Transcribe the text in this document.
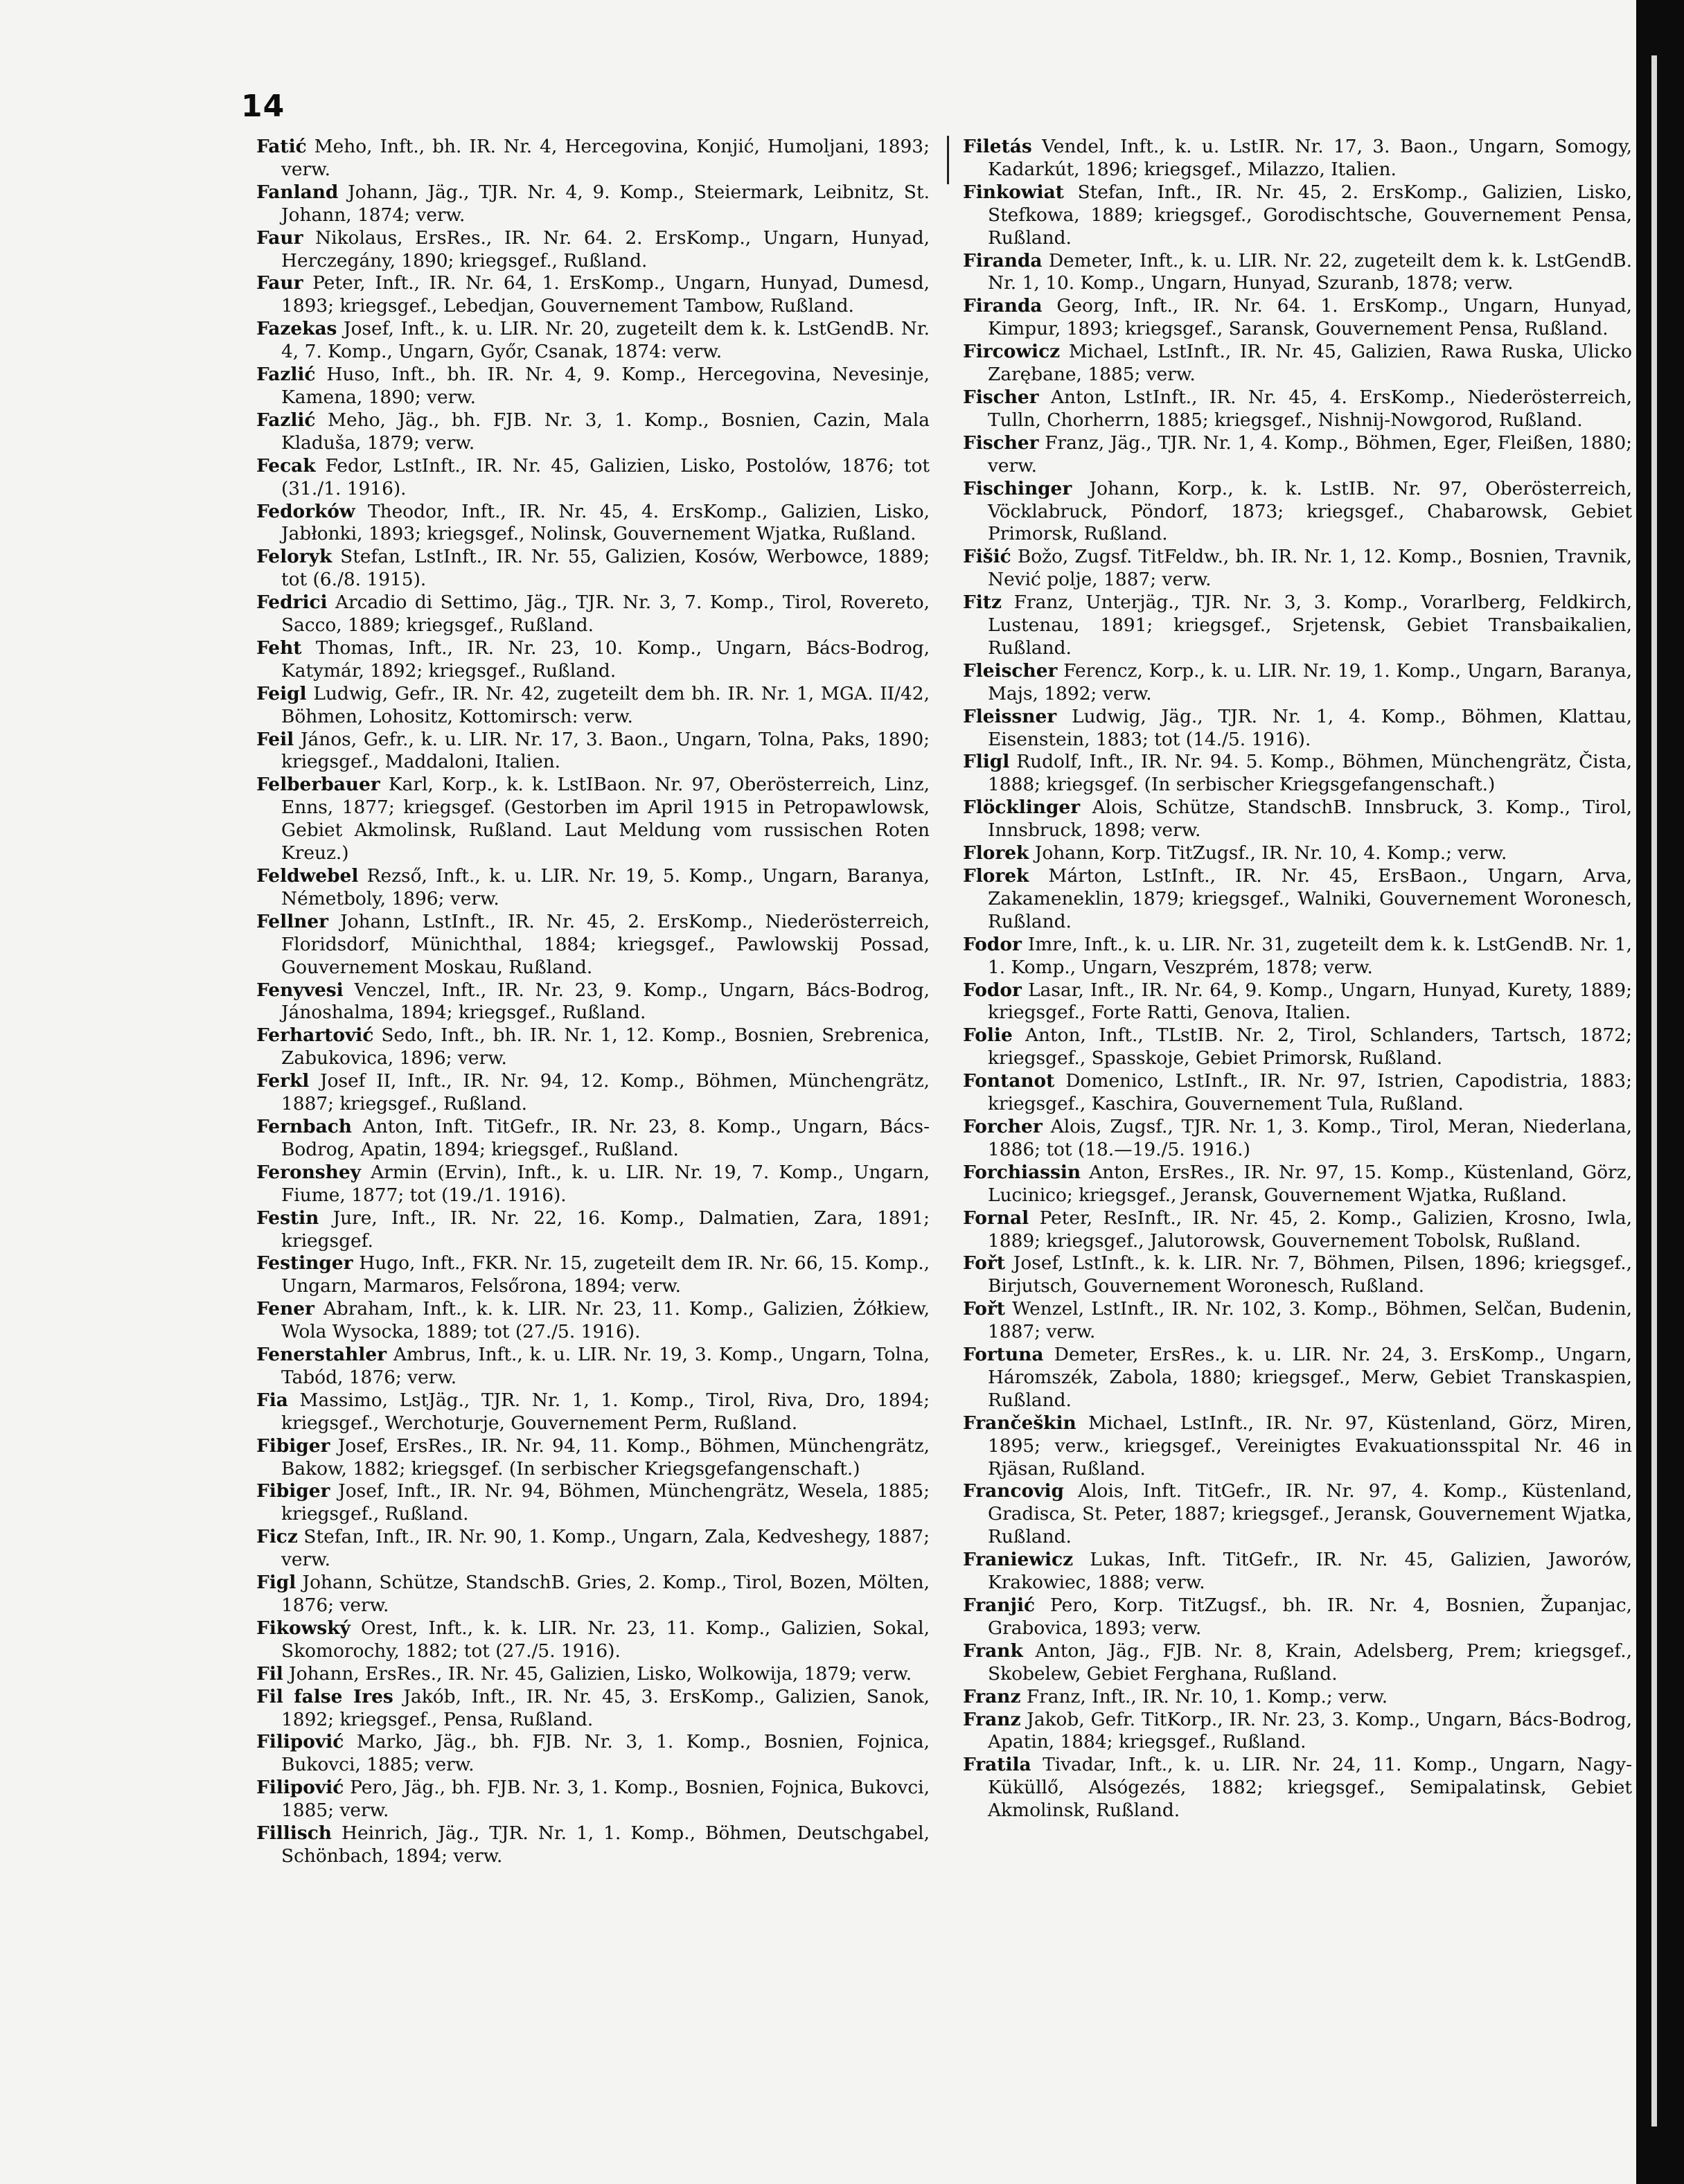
14

Fatić Meho, Inft., bh. IR. Nr. 4, Hercegovina, Konjić, Humoljani, 1893; verw.

Fanland Johann, Jäg., TJR. Nr. 4, 9. Komp., Steiermark, Leibnitz, St. Johann, 1874; verw.

Faur Nikolaus, ErsRes., IR. Nr. 64. 2. ErsKomp., Ungarn, Hunyad, Herczegány, 1890; kriegsgef., Rußland.

Faur Peter, Inft., IR. Nr. 64, 1. ErsKomp., Ungarn, Hunyad, Dumesd, 1893; kriegsgef., Lebedjan, Gouvernement Tambow, Rußland.

Fazekas Josef, Inft., k. u. LIR. Nr. 20, zugeteilt dem k. k. LstGendB. Nr. 4, 7. Komp., Ungarn, Győr, Csanak, 1874: verw.

Fazlić Huso, Inft., bh. IR. Nr. 4, 9. Komp., Hercegovina, Nevesinje, Kamena, 1890; verw.

Fazlić Meho, Jäg., bh. FJB. Nr. 3, 1. Komp., Bosnien, Cazin, Mala Kladuša, 1879; verw.

Fecak Fedor, LstInft., IR. Nr. 45, Galizien, Lisko, Postolów, 1876; tot (31./1. 1916).

Fedorków Theodor, Inft., IR. Nr. 45, 4. ErsKomp., Galizien, Lisko, Jabłonki, 1893; kriegsgef., Nolinsk, Gouvernement Wjatka, Rußland.

Feloryk Stefan, LstInft., IR. Nr. 55, Galizien, Kosów, Werbowce, 1889; tot (6./8. 1915).

Fedrici Arcadio di Settimo, Jäg., TJR. Nr. 3, 7. Komp., Tirol, Rovereto, Sacco, 1889; kriegsgef., Rußland.

Feht Thomas, Inft., IR. Nr. 23, 10. Komp., Ungarn, Bács-Bodrog, Katymár, 1892; kriegsgef., Rußland.

Feigl Ludwig, Gefr., IR. Nr. 42, zugeteilt dem bh. IR. Nr. 1, MGA. II/42, Böhmen, Lohositz, Kottomirsch: verw.

Feil János, Gefr., k. u. LIR. Nr. 17, 3. Baon., Ungarn, Tolna, Paks, 1890; kriegsgef., Maddaloni, Italien.

Felberbauer Karl, Korp., k. k. LstIBaon. Nr. 97, Oberösterreich, Linz, Enns, 1877; kriegsgef. (Gestorben im April 1915 in Petropawlowsk, Gebiet Akmolinsk, Rußland. Laut Meldung vom russischen Roten Kreuz.)

Feldwebel Rezső, Inft., k. u. LIR. Nr. 19, 5. Komp., Ungarn, Baranya, Németboly, 1896; verw.

Fellner Johann, LstInft., IR. Nr. 45, 2. ErsKomp., Niederösterreich, Floridsdorf, Münichthal, 1884; kriegsgef., Pawlowskij Possad, Gouvernement Moskau, Rußland.

Fenyvesi Venczel, Inft., IR. Nr. 23, 9. Komp., Ungarn, Bács-Bodrog, Jánoshalma, 1894; kriegsgef., Rußland.

Ferhartović Sedo, Inft., bh. IR. Nr. 1, 12. Komp., Bosnien, Srebrenica, Zabukovica, 1896; verw.

Ferkl Josef II, Inft., IR. Nr. 94, 12. Komp., Böhmen, Münchengrätz, 1887; kriegsgef., Rußland.

Fernbach Anton, Inft. TitGefr., IR. Nr. 23, 8. Komp., Ungarn, Bács-Bodrog, Apatin, 1894; kriegsgef., Rußland.

Feronshey Armin (Ervin), Inft., k. u. LIR. Nr. 19, 7. Komp., Ungarn, Fiume, 1877; tot (19./1. 1916).

Festin Jure, Inft., IR. Nr. 22, 16. Komp., Dalmatien, Zara, 1891; kriegsgef.

Festinger Hugo, Inft., FKR. Nr. 15, zugeteilt dem IR. Nr. 66, 15. Komp., Ungarn, Marmaros, Felsőrona, 1894; verw.

Fener Abraham, Inft., k. k. LIR. Nr. 23, 11. Komp., Galizien, Żółkiew, Wola Wysocka, 1889; tot (27./5. 1916).

Fenerstahler Ambrus, Inft., k. u. LIR. Nr. 19, 3. Komp., Ungarn, Tolna, Tabód, 1876; verw.

Fia Massimo, LstJäg., TJR. Nr. 1, 1. Komp., Tirol, Riva, Dro, 1894; kriegsgef., Werchoturje, Gouvernement Perm, Rußland.

Fibiger Josef, ErsRes., IR. Nr. 94, 11. Komp., Böhmen, Münchengrätz, Bakow, 1882; kriegsgef. (In serbischer Kriegsgefangenschaft.)

Fibiger Josef, Inft., IR. Nr. 94, Böhmen, Münchengrätz, Wesela, 1885; kriegsgef., Rußland.

Ficz Stefan, Inft., IR. Nr. 90, 1. Komp., Ungarn, Zala, Kedveshegy, 1887; verw.

Figl Johann, Schütze, StandschB. Gries, 2. Komp., Tirol, Bozen, Mölten, 1876; verw.

Fikowský Orest, Inft., k. k. LIR. Nr. 23, 11. Komp., Galizien, Sokal, Skomorochy, 1882; tot (27./5. 1916).

Fil Johann, ErsRes., IR. Nr. 45, Galizien, Lisko, Wolkowija, 1879; verw.

Fil false Ires Jakób, Inft., IR. Nr. 45, 3. ErsKomp., Galizien, Sanok, 1892; kriegsgef., Pensa, Rußland.

Filipović Marko, Jäg., bh. FJB. Nr. 3, 1. Komp., Bosnien, Fojnica, Bukovci, 1885; verw.

Filipović Pero, Jäg., bh. FJB. Nr. 3, 1. Komp., Bosnien, Fojnica, Bukovci, 1885; verw.

Fillisch Heinrich, Jäg., TJR. Nr. 1, 1. Komp., Böhmen, Deutschgabel, Schönbach, 1894; verw.

Filetás Vendel, Inft., k. u. LstIR. Nr. 17, 3. Baon., Ungarn, Somogy, Kadarkút, 1896; kriegsgef., Milazzo, Italien.

Finkowiat Stefan, Inft., IR. Nr. 45, 2. ErsKomp., Galizien, Lisko, Stefkowa, 1889; kriegsgef., Gorodischtsche, Gouvernement Pensa, Rußland.

Firanda Demeter, Inft., k. u. LIR. Nr. 22, zugeteilt dem k. k. LstGendB. Nr. 1, 10. Komp., Ungarn, Hunyad, Szuranb, 1878; verw.

Firanda Georg, Inft., IR. Nr. 64. 1. ErsKomp., Ungarn, Hunyad, Kimpur, 1893; kriegsgef., Saransk, Gouvernement Pensa, Rußland.

Fircowicz Michael, LstInft., IR. Nr. 45, Galizien, Rawa Ruska, Ulicko Zarębane, 1885; verw.

Fischer Anton, LstInft., IR. Nr. 45, 4. ErsKomp., Niederösterreich, Tulln, Chorherrn, 1885; kriegsgef., Nishnij-Nowgorod, Rußland.

Fischer Franz, Jäg., TJR. Nr. 1, 4. Komp., Böhmen, Eger, Fleißen, 1880; verw.

Fischinger Johann, Korp., k. k. LstIB. Nr. 97, Oberösterreich, Vöcklabruck, Pöndorf, 1873; kriegsgef., Chabarowsk, Gebiet Primorsk, Rußland.

Fišić Božo, Zugsf. TitFeldw., bh. IR. Nr. 1, 12. Komp., Bosnien, Travnik, Nević polje, 1887; verw.

Fitz Franz, Unterjäg., TJR. Nr. 3, 3. Komp., Vorarlberg, Feldkirch, Lustenau, 1891; kriegsgef., Srjetensk, Gebiet Transbaikalien, Rußland.

Fleischer Ferencz, Korp., k. u. LIR. Nr. 19, 1. Komp., Ungarn, Baranya, Majs, 1892; verw.

Fleissner Ludwig, Jäg., TJR. Nr. 1, 4. Komp., Böhmen, Klattau, Eisenstein, 1883; tot (14./5. 1916).

Fligl Rudolf, Inft., IR. Nr. 94. 5. Komp., Böhmen, Münchengrätz, Čista, 1888; kriegsgef. (In serbischer Kriegsgefangenschaft.)

Flöcklinger Alois, Schütze, StandschB. Innsbruck, 3. Komp., Tirol, Innsbruck, 1898; verw.

Florek Johann, Korp. TitZugsf., IR. Nr. 10, 4. Komp.; verw.

Florek Márton, LstInft., IR. Nr. 45, ErsBaon., Ungarn, Arva, Zakameneklin, 1879; kriegsgef., Walniki, Gouvernement Woronesch, Rußland.

Fodor Imre, Inft., k. u. LIR. Nr. 31, zugeteilt dem k. k. LstGendB. Nr. 1, 1. Komp., Ungarn, Veszprém, 1878; verw.

Fodor Lasar, Inft., IR. Nr. 64, 9. Komp., Ungarn, Hunyad, Kurety, 1889; kriegsgef., Forte Ratti, Genova, Italien.

Folie Anton, Inft., TLstIB. Nr. 2, Tirol, Schlanders, Tartsch, 1872; kriegsgef., Spasskoje, Gebiet Primorsk, Rußland.

Fontanot Domenico, LstInft., IR. Nr. 97, Istrien, Capodistria, 1883; kriegsgef., Kaschira, Gouvernement Tula, Rußland.

Forcher Alois, Zugsf., TJR. Nr. 1, 3. Komp., Tirol, Meran, Niederlana, 1886; tot (18.—19./5. 1916.)

Forchiassin Anton, ErsRes., IR. Nr. 97, 15. Komp., Küstenland, Görz, Lucinico; kriegsgef., Jeransk, Gouvernement Wjatka, Rußland.

Fornal Peter, ResInft., IR. Nr. 45, 2. Komp., Galizien, Krosno, Iwla, 1889; kriegsgef., Jalutorowsk, Gouvernement Tobolsk, Rußland.

Fořt Josef, LstInft., k. k. LIR. Nr. 7, Böhmen, Pilsen, 1896; kriegsgef., Birjutsch, Gouvernement Woronesch, Rußland.

Fořt Wenzel, LstInft., IR. Nr. 102, 3. Komp., Böhmen, Selčan, Budenin, 1887; verw.

Fortuna Demeter, ErsRes., k. u. LIR. Nr. 24, 3. ErsKomp., Ungarn, Háromszék, Zabola, 1880; kriegsgef., Merw, Gebiet Transkaspien, Rußland.

Frančeškin Michael, LstInft., IR. Nr. 97, Küstenland, Görz, Miren, 1895; verw., kriegsgef., Vereinigtes Evakuationsspital Nr. 46 in Rjäsan, Rußland.

Francovig Alois, Inft. TitGefr., IR. Nr. 97, 4. Komp., Küstenland, Gradisca, St. Peter, 1887; kriegsgef., Jeransk, Gouvernement Wjatka, Rußland.

Franiewicz Lukas, Inft. TitGefr., IR. Nr. 45, Galizien, Jaworów, Krakowiec, 1888; verw.

Franjić Pero, Korp. TitZugsf., bh. IR. Nr. 4, Bosnien, Županjac, Grabovica, 1893; verw.

Frank Anton, Jäg., FJB. Nr. 8, Krain, Adelsberg, Prem; kriegsgef., Skobelew, Gebiet Ferghana, Rußland.

Franz Franz, Inft., IR. Nr. 10, 1. Komp.; verw.

Franz Jakob, Gefr. TitKorp., IR. Nr. 23, 3. Komp., Ungarn, Bács-Bodrog, Apatin, 1884; kriegsgef., Rußland.

Fratila Tivadar, Inft., k. u. LIR. Nr. 24, 11. Komp., Ungarn, Nagy-Küküllő, Alsógezés, 1882; kriegsgef., Semipalatinsk, Gebiet Akmolinsk, Rußland.
